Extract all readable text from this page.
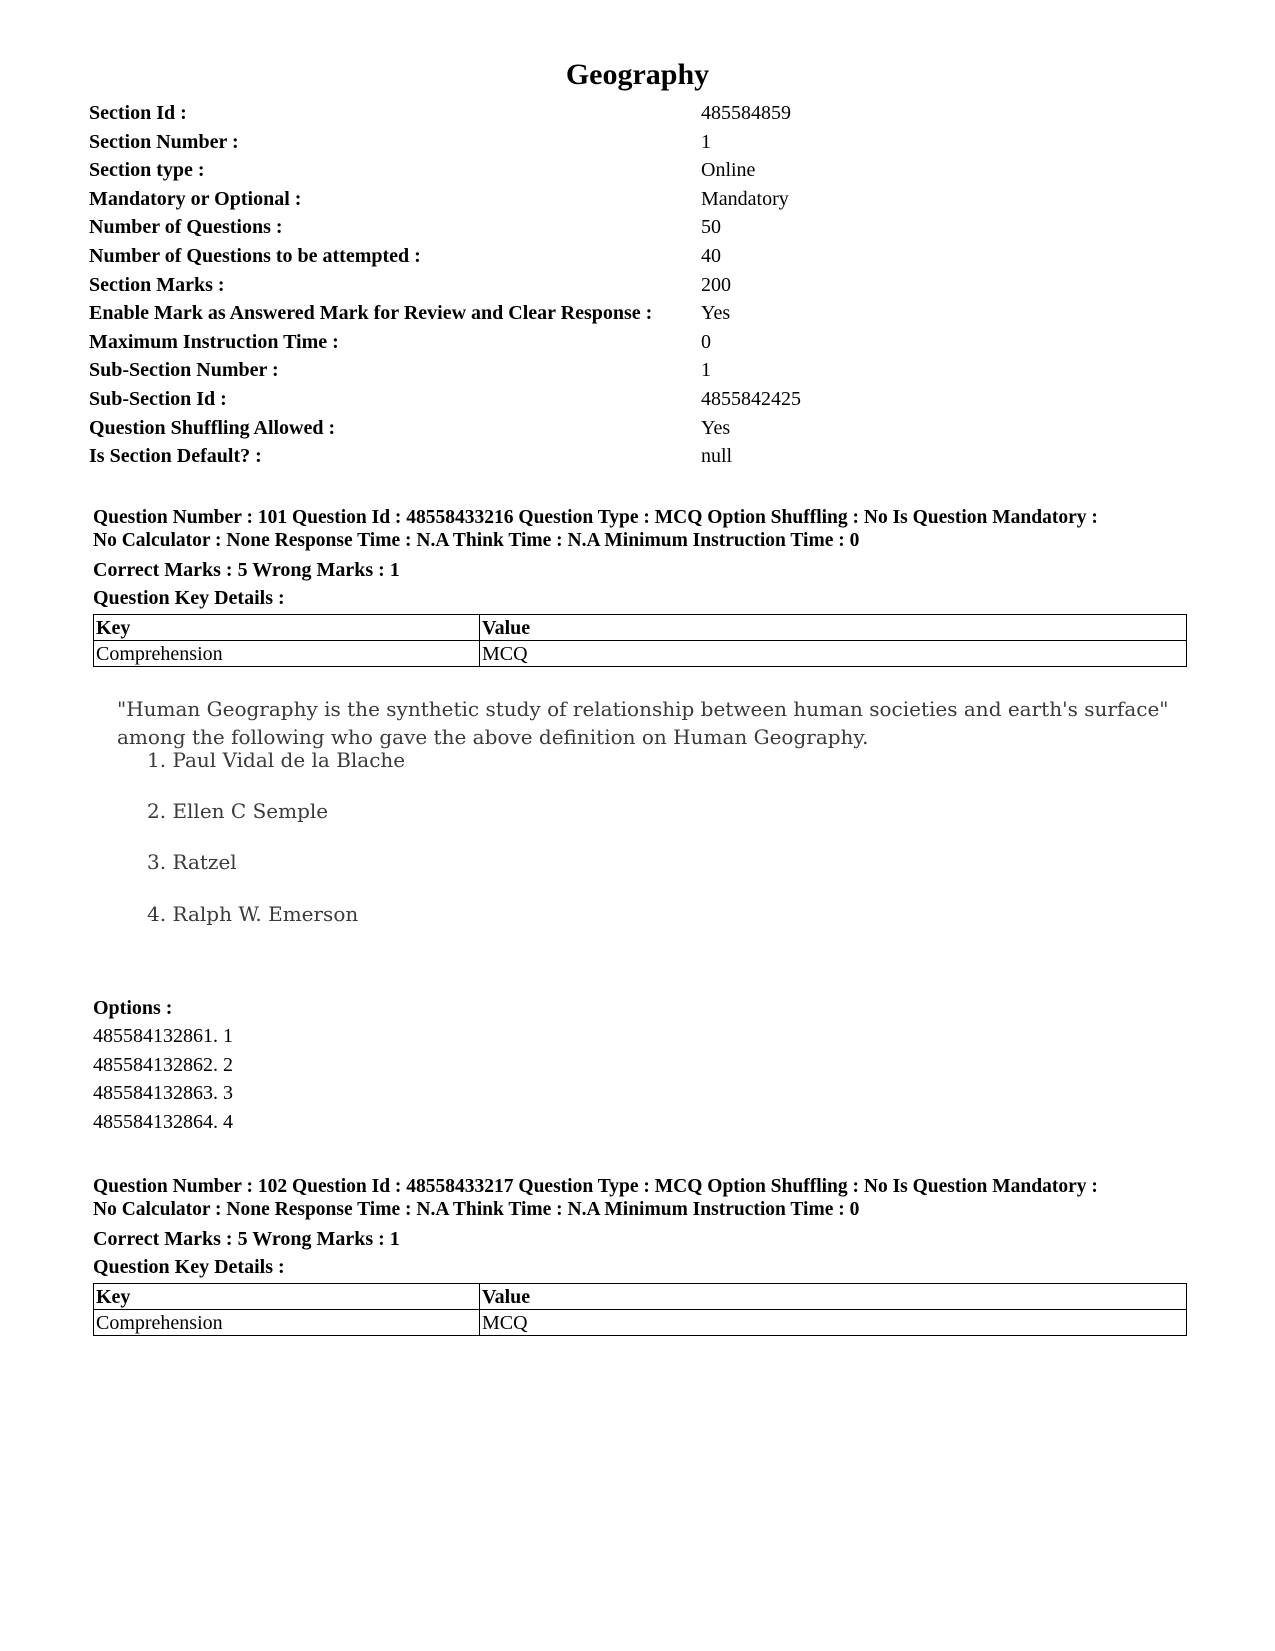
Geography
Section Id :	485584859
Section Number :	1
Section type :	Online
Mandatory or Optional :	Mandatory
Number of Questions :	50
Number of Questions to be attempted :	40
Section Marks :	200
Enable Mark as Answered Mark for Review and Clear Response : Yes
Maximum Instruction Time :	0
Sub-Section Number :	1
Sub-Section Id :	4855842425
Question Shuffling Allowed :	Yes
Is Section Default? :	null

Question Number : 101 Question Id : 48558433216 Question Type : MCQ Option Shuffling : No Is Question Mandatory :

No Calculator : None Response Time : N.A Think Time : N.A Minimum Instruction Time : 0

Correct Marks : 5 Wrong Marks : 1

Question Key Details :

Key	Value
Comprehension	MCQ

"Human Geography is the synthetic study of relationship between human societies and earth's surface" among the following who gave the above definition on Human Geography.

1. Paul Vidal de la Blache
2. Ellen C Semple
3. Ratzel
4. Ralph W. Emerson
Options :
485584132861. 1
485584132862. 2
485584132863. 3
485584132864. 4

Question Number : 102 Question Id : 48558433217 Question Type : MCQ Option Shuffling : No Is Question Mandatory :

No Calculator : None Response Time : N.A Think Time : N.A Minimum Instruction Time : 0

Correct Marks : 5 Wrong Marks : 1

Question Key Details :

Key	Value
Comprehension	MCQ
